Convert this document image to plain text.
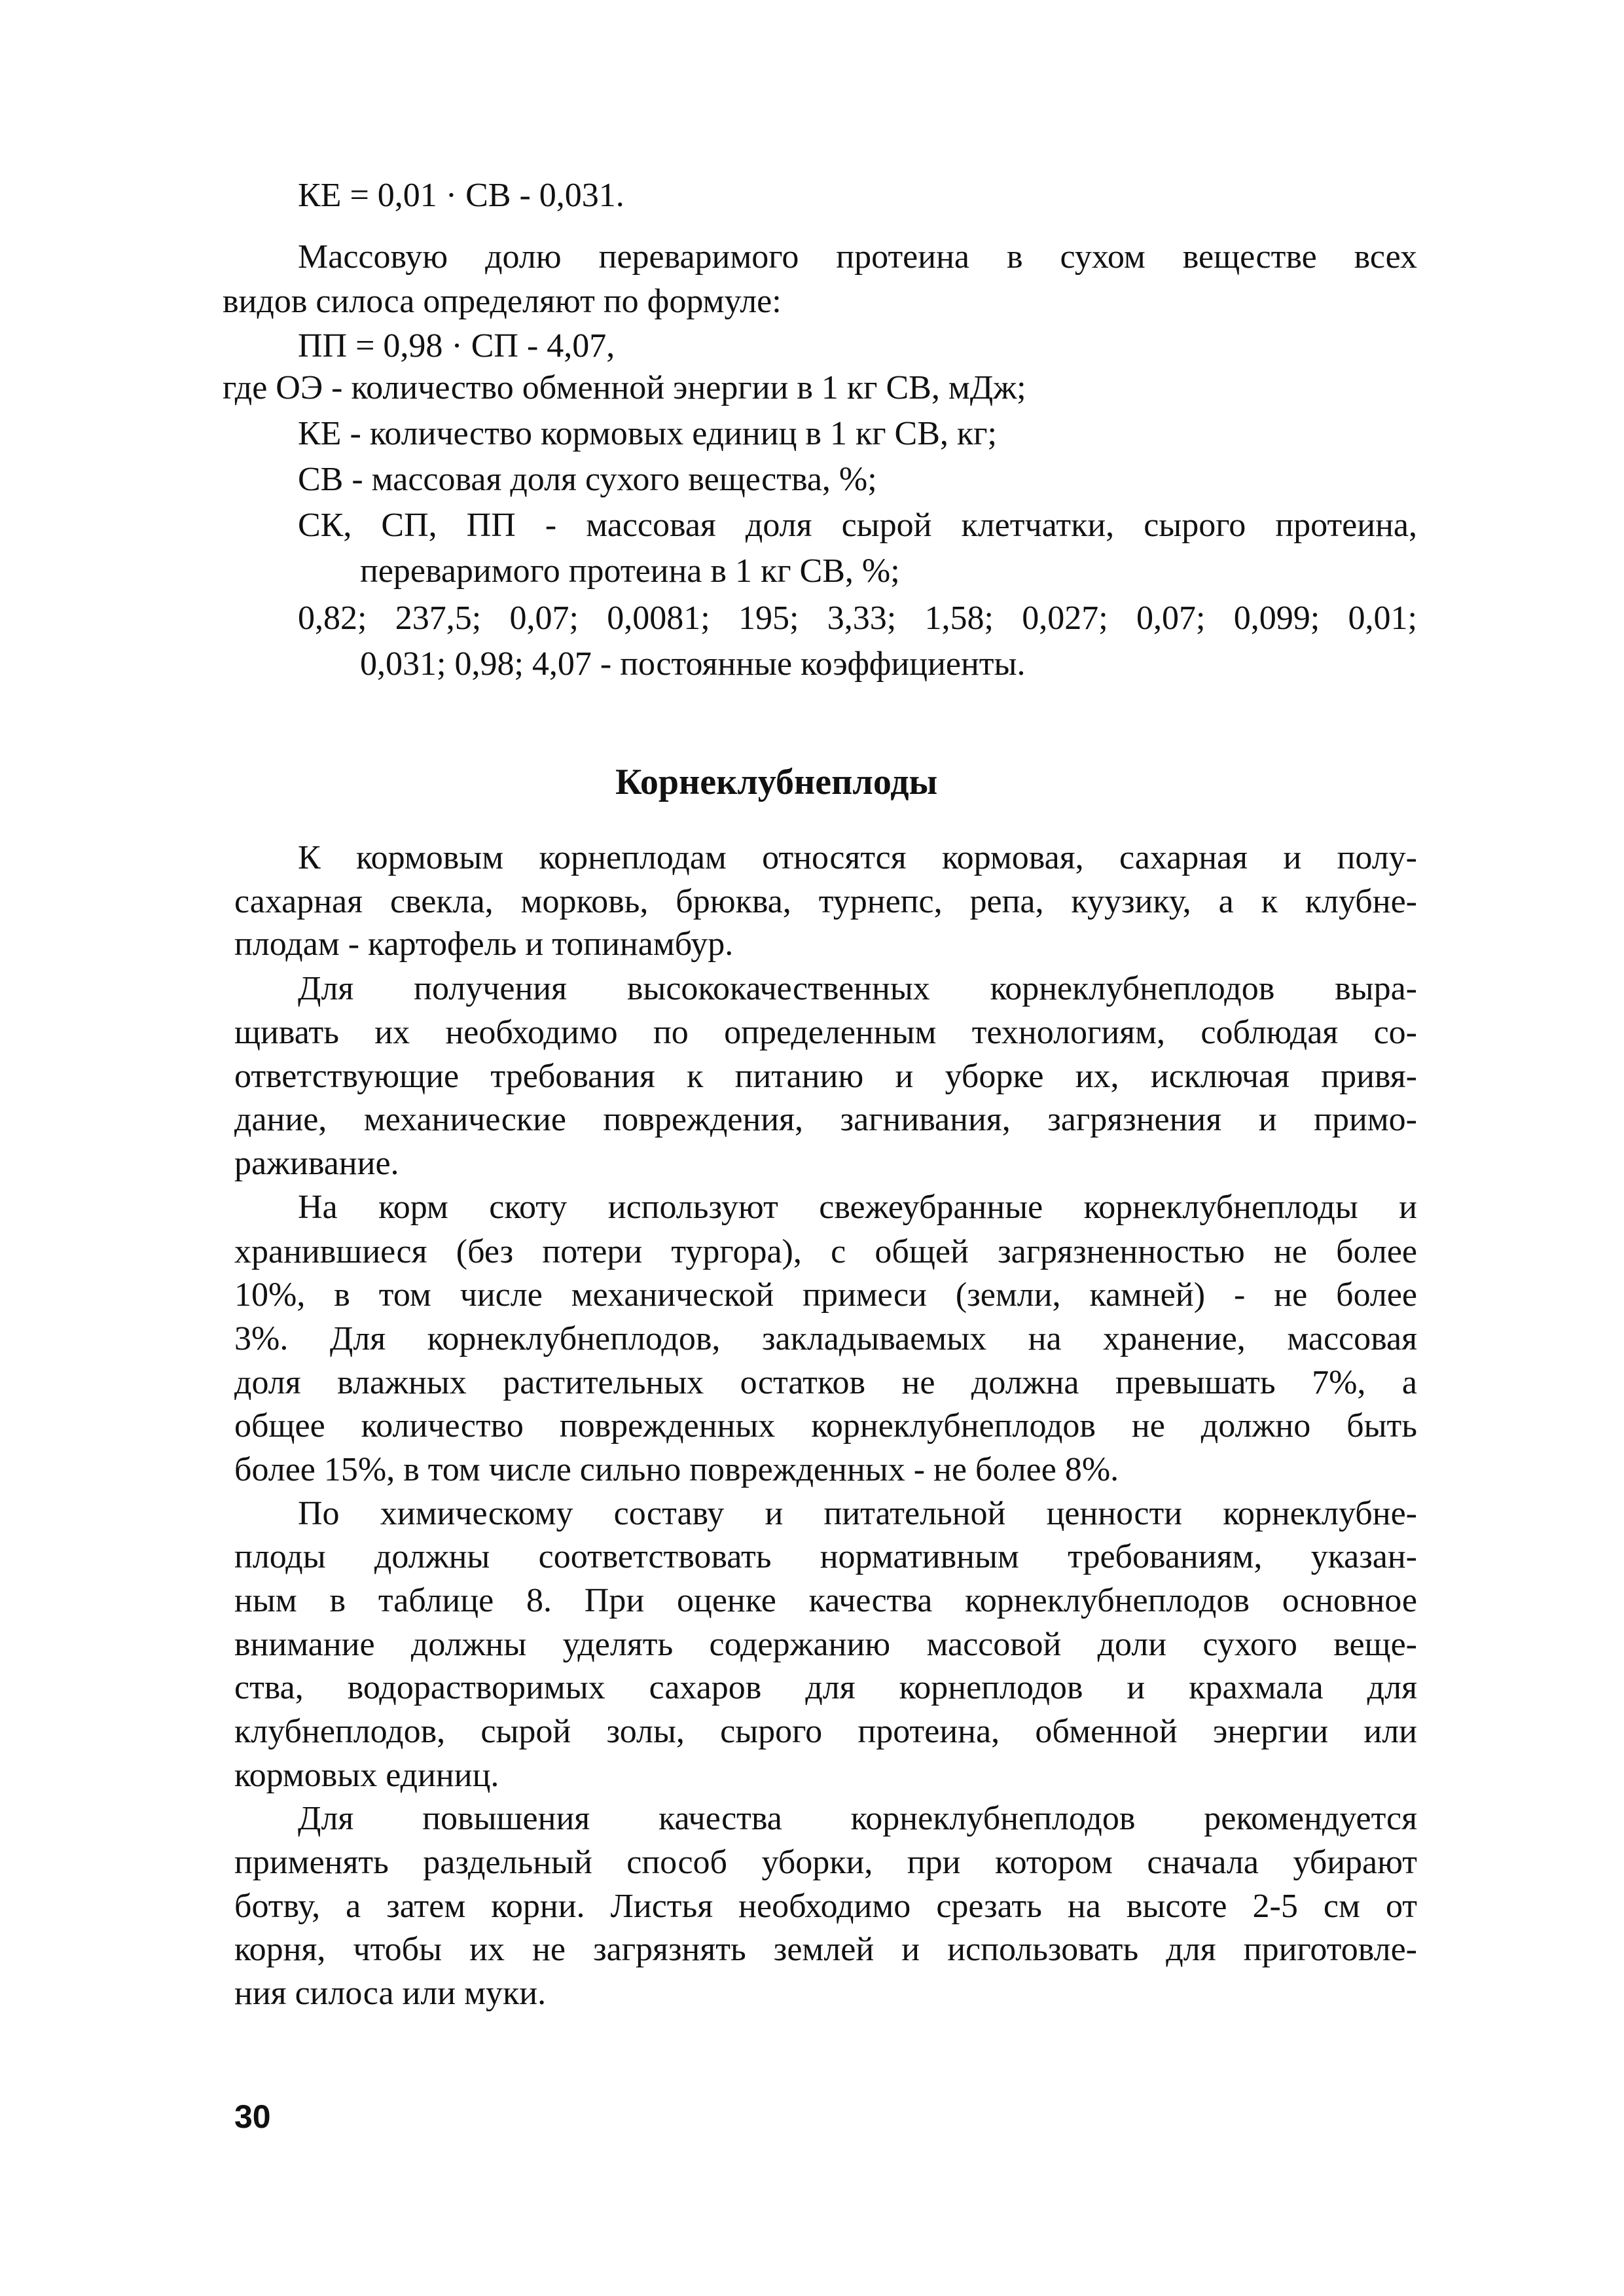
КЕ = 0,01 · СВ - 0,031.
Массовую долю переваримого протеина в сухом веществе всех
видов силоса определяют по формуле:
ПП = 0,98 · СП - 4,07,
где ОЭ - количество обменной энергии в 1 кг СВ, мДж;
КЕ - количество кормовых единиц в 1 кг СВ, кг;
СВ - массовая доля сухого вещества, %;
СК, СП, ПП - массовая доля сырой клетчатки, сырого протеина,
переваримого протеина в 1 кг СВ, %;
0,82; 237,5; 0,07; 0,0081; 195; 3,33; 1,58; 0,027; 0,07; 0,099; 0,01;
0,031; 0,98; 4,07 - постоянные коэффициенты.
Корнеклубнеплоды
К кормовым корнеплодам относятся кормовая, сахарная и полу-
сахарная свекла, морковь, брюква, турнепс, репа, куузику, а к клубне-
плодам - картофель и топинамбур.
Для получения высококачественных корнеклубнеплодов выра-
щивать их необходимо по определенным технологиям, соблюдая со-
ответствующие требования к питанию и уборке их, исключая привя-
дание, механические повреждения, загнивания, загрязнения и примо-
раживание.
На корм скоту используют свежеубранные корнеклубнеплоды и
хранившиеся (без потери тургора), с общей загрязненностью не более
10%, в том числе механической примеси (земли, камней) - не более
3%. Для корнеклубнеплодов, закладываемых на хранение, массовая
доля влажных растительных остатков не должна превышать 7%, а
общее количество поврежденных корнеклубнеплодов не должно быть
более 15%, в том числе сильно поврежденных - не более 8%.
По химическому составу и питательной ценности корнеклубне-
плоды должны соответствовать нормативным требованиям, указан-
ным в таблице 8. При оценке качества корнеклубнеплодов основное
внимание должны уделять содержанию массовой доли сухого веще-
ства, водорастворимых сахаров для корнеплодов и крахмала для
клубнеплодов, сырой золы, сырого протеина, обменной энергии или
кормовых единиц.
Для повышения качества корнеклубнеплодов рекомендуется
применять раздельный способ уборки, при котором сначала убирают
ботву, а затем корни. Листья необходимо срезать на высоте 2-5 см от
корня, чтобы их не загрязнять землей и использовать для приготовле-
ния силоса или муки.
30
